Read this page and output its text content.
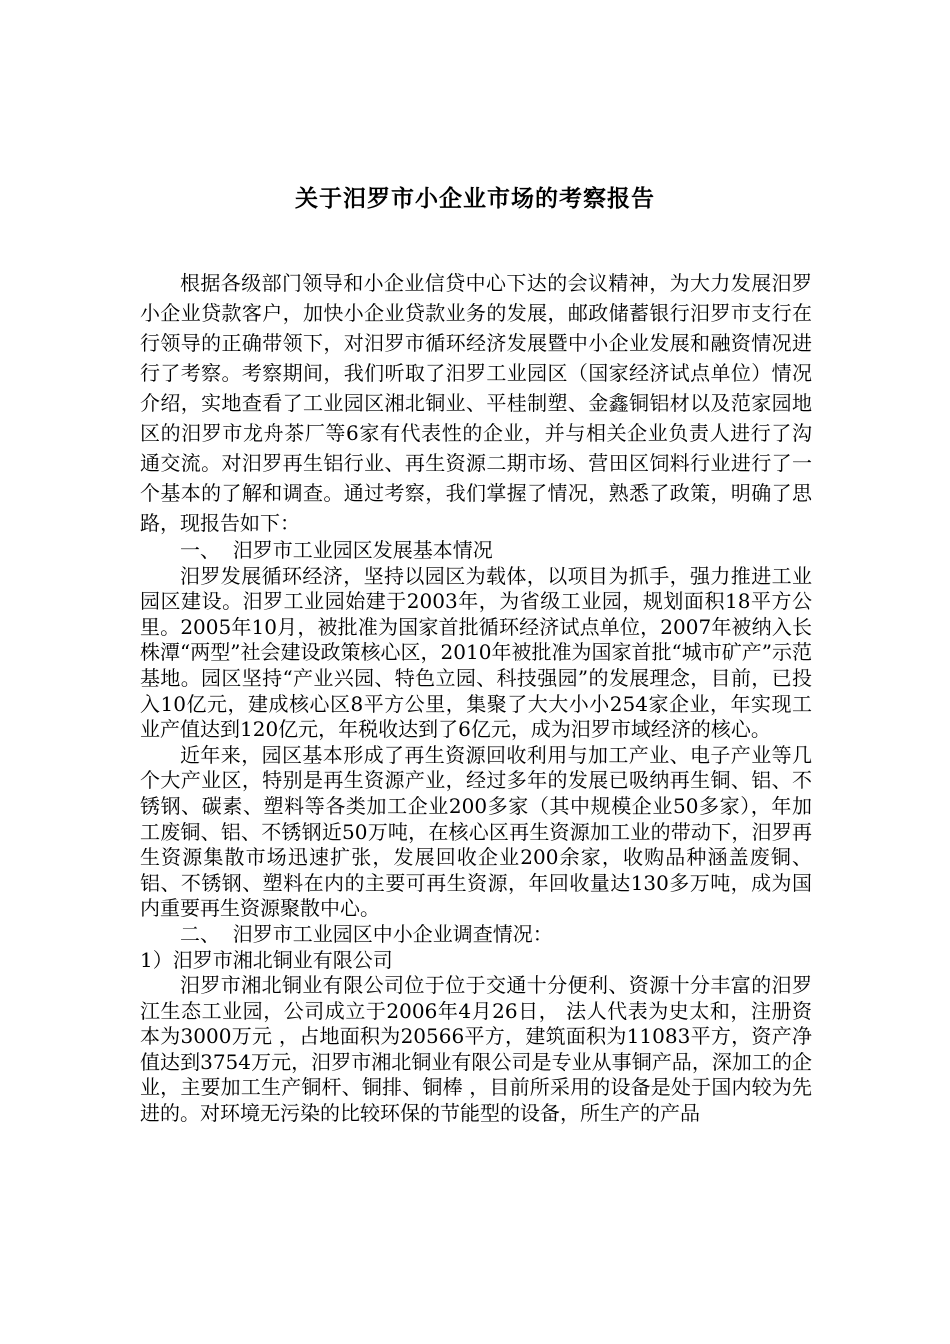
关于汨罗市小企业市场的考察报告

根据各级部门领导和小企业信贷中心下达的会议精神，为大力发展汨罗小企业贷款客户，加快小企业贷款业务的发展，邮政储蓄银行汨罗市支行在行领导的正确带领下，对汨罗市循环经济发展暨中小企业发展和融资情况进行了考察。考察期间，我们听取了汨罗工业园区（国家经济试点单位）情况介绍，实地查看了工业园区湘北铜业、平桂制塑、金鑫铜铝材以及范家园地区的汨罗市龙舟茶厂等6家有代表性的企业，并与相关企业负责人进行了沟通交流。对汨罗再生铝行业、再生资源二期市场、营田区饲料行业进行了一个基本的了解和调查。通过考察，我们掌握了情况，熟悉了政策，明确了思路，现报告如下：

一、  汨罗市工业园区发展基本情况

汨罗发展循环经济，坚持以园区为载体，以项目为抓手，强力推进工业园区建设。汨罗工业园始建于2003年，为省级工业园，规划面积18平方公里。2005年10月，被批准为国家首批循环经济试点单位，2007年被纳入长株潭“两型”社会建设政策核心区，2010年被批准为国家首批“城市矿产”示范基地。园区坚持“产业兴园、特色立园、科技强园”的发展理念，目前，已投入10亿元，建成核心区8平方公里，集聚了大大小小254家企业，年实现工业产值达到120亿元，年税收达到了6亿元，成为汨罗市域经济的核心。

近年来，园区基本形成了再生资源回收利用与加工产业、电子产业等几个大产业区，特别是再生资源产业，经过多年的发展已吸纳再生铜、铝、不锈钢、碳素、塑料等各类加工企业200多家（其中规模企业50多家），年加工废铜、铝、不锈钢近50万吨，在核心区再生资源加工业的带动下，汨罗再生资源集散市场迅速扩张，发展回收企业200余家，收购品种涵盖废铜、铝、不锈钢、塑料在内的主要可再生资源，年回收量达130多万吨，成为国内重要再生资源聚散中心。

二、  汨罗市工业园区中小企业调查情况：

1）汨罗市湘北铜业有限公司

汨罗市湘北铜业有限公司位于位于交通十分便利、资源十分丰富的汨罗江生态工业园，公司成立于2006年4月26日， 法人代表为史太和，注册资本为3000万元 ，占地面积为20566平方，建筑面积为11083平方，资产净值达到3754万元，汨罗市湘北铜业有限公司是专业从事铜产品，深加工的企业，主要加工生产铜杆、铜排、铜棒 ，目前所采用的设备是处于国内较为先进的。对环境无污染的比较环保的节能型的设备，所生产的产品
